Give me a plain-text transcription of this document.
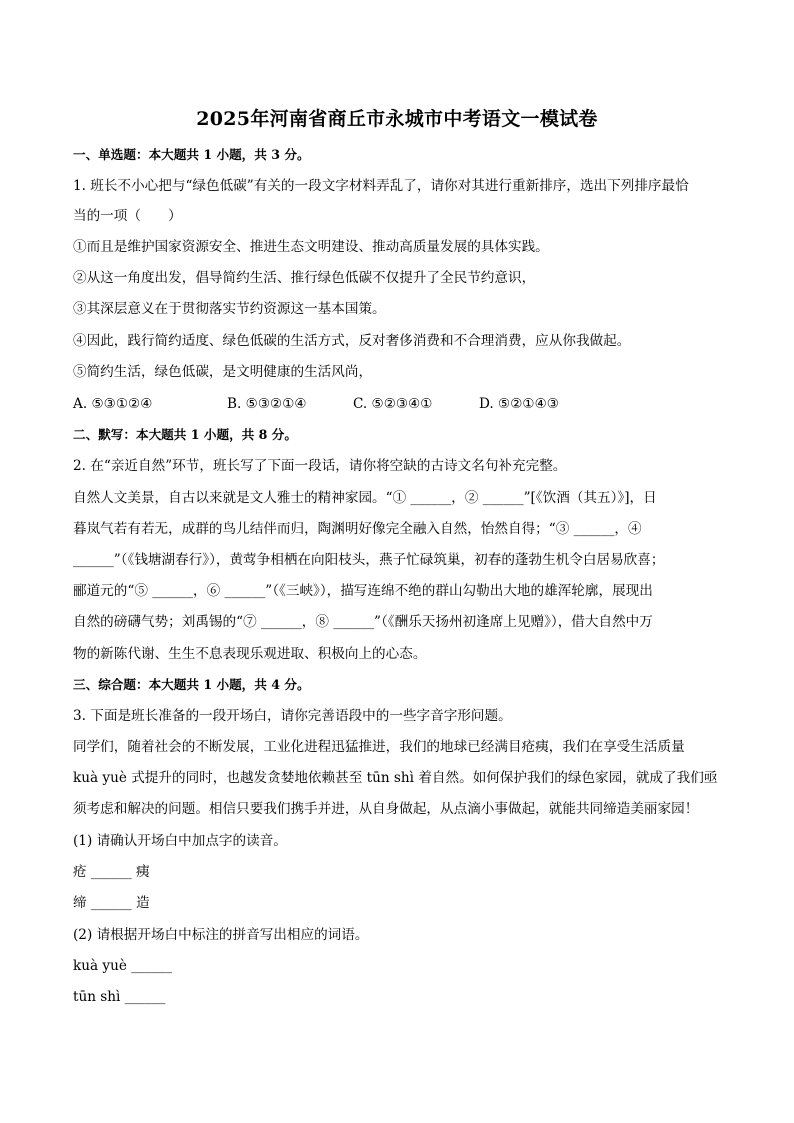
2025年河南省商丘市永城市中考语文一模试卷
一、单选题：本大题共 1 小题，共 3 分。
1. 班长不小心把与“绿色低碳”有关的一段文字材料弄乱了，请你对其进行重新排序，选出下列排序最恰
当的一项（　　）
①而且是维护国家资源安全、推进生态文明建设、推动高质量发展的具体实践。
②从这一角度出发，倡导简约生活、推行绿色低碳不仅提升了全民节约意识，
③其深层意义在于贯彻落实节约资源这一基本国策。
④因此，践行简约适度、绿色低碳的生活方式，反对奢侈消费和不合理消费，应从你我做起。
⑤简约生活，绿色低碳，是文明健康的生活风尚，
A. ⑤③①②④	B. ⑤③②①④	C. ⑤②③④①	D. ⑤②①④③
二、默写：本大题共 1 小题，共 8 分。
2. 在“亲近自然”环节，班长写了下面一段话，请你将空缺的古诗文名句补充完整。
自然人文美景，自古以来就是文人雅士的精神家园。“① ______，② ______”[《饮酒（其五）》]，日
暮岚气若有若无，成群的鸟儿结伴而归，陶渊明好像完全融入自然，怡然自得；“③ ______，④
______”（《钱塘湖春行》），黄莺争相栖在向阳枝头，燕子忙碌筑巢，初春的蓬勃生机令白居易欣喜；
郦道元的“⑤ ______，⑥ ______”（《三峡》），描写连绵不绝的群山勾勒出大地的雄浑轮廓，展现出
自然的磅礴气势；刘禹锡的“⑦ ______，⑧ ______”（《酬乐天扬州初逢席上见赠》），借大自然中万
物的新陈代谢、生生不息表现乐观进取、积极向上的心态。
三、综合题：本大题共 1 小题，共 4 分。
3. 下面是班长准备的一段开场白，请你完善语段中的一些字音字形问题。
同学们，随着社会的不断发展，工业化进程迅猛推进，我们的地球已经满目疮痍，我们在享受生活质量
kuà yuè 式提升的同时，也越发贪婪地依赖甚至 tūn shì 着自然。如何保护我们的绿色家园，就成了我们亟
须考虑和解决的问题。相信只要我们携手并进，从自身做起，从点滴小事做起，就能共同缔造美丽家园！
(1) 请确认开场白中加点字的读音。
疮 ______ 痍
缔 ______ 造
(2) 请根据开场白中标注的拼音写出相应的词语。
kuà yuè ______
tūn shì ______
